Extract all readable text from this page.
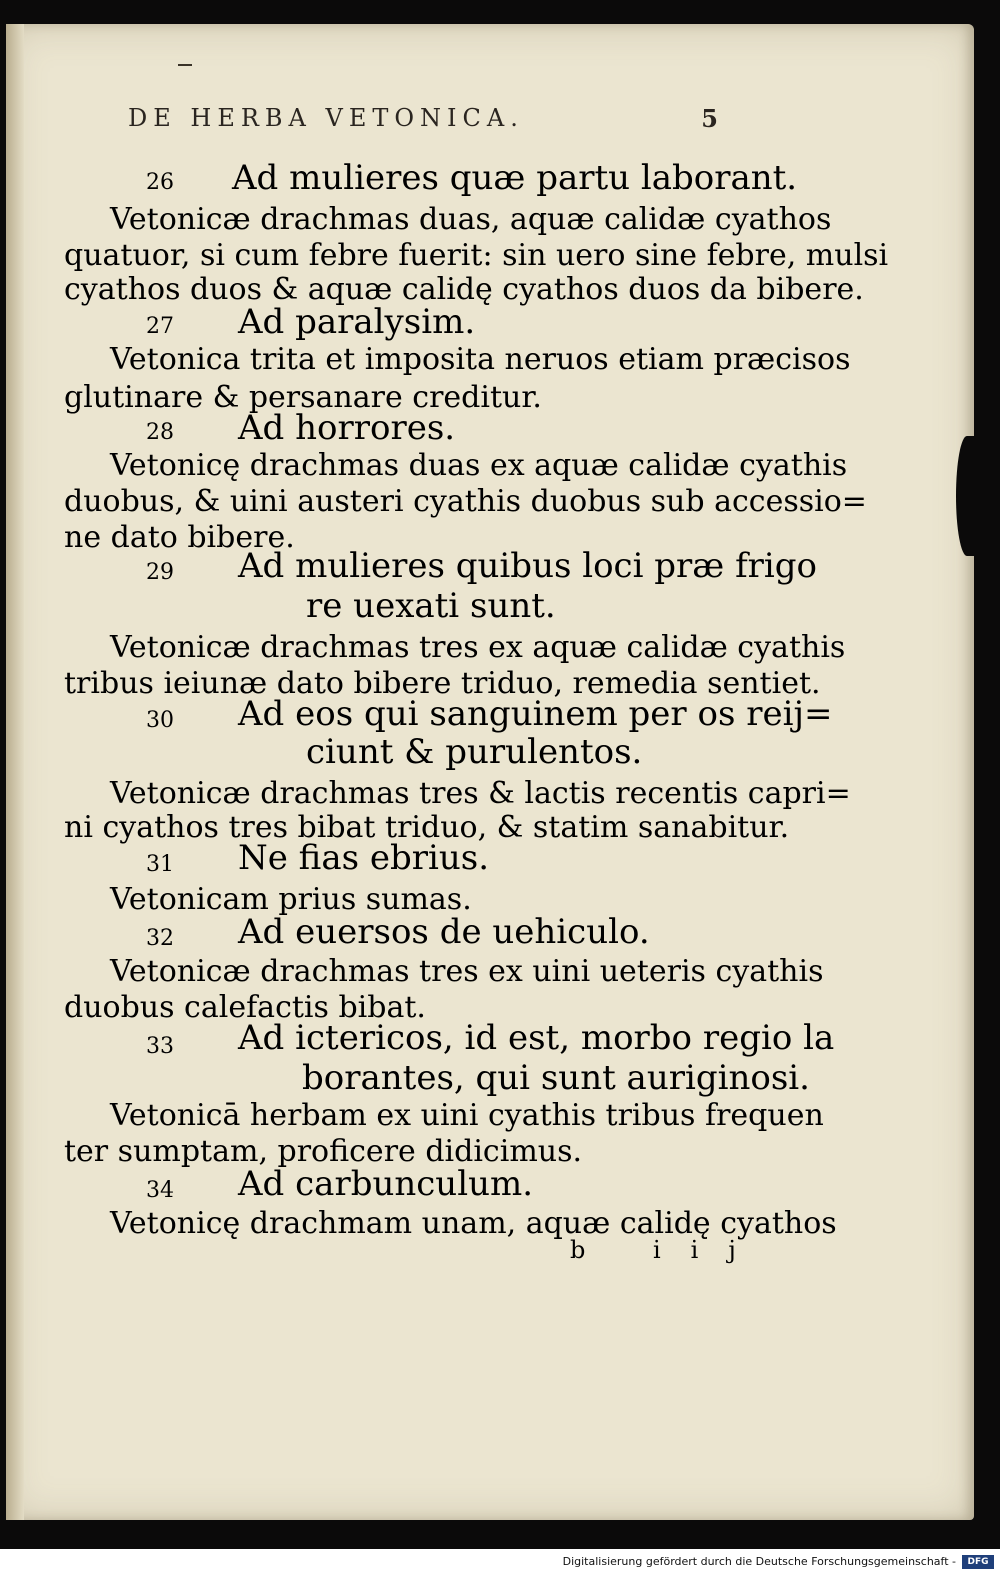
DE HERBA VETONICA.	5
26 Ad mulieres quæ partu laborant.
Vetonicæ drachmas duas, aquæ calidæ cyathos
quatuor, si cum febre fuerit: sin uero sine febre, mulsi
cyathos duos & aquæ calidę cyathos duos da bibere.
27 Ad paralysim.
Vetonica trita et imposita neruos etiam præcisos
glutinare & persanare creditur.
28 Ad horrores.
Vetonicę drachmas duas ex aquæ calidæ cyathis
duobus, & uini austeri cyathis duobus sub accessio=
ne dato bibere.
29 Ad mulieres quibus loci præ frigo
re uexati sunt.
Vetonicæ drachmas tres ex aquæ calidæ cyathis
tribus ieiunæ dato bibere triduo, remedia sentiet.
30 Ad eos qui sanguinem per os reij=
ciunt & purulentos.
Vetonicæ drachmas tres & lactis recentis capri=
ni cyathos tres bibat triduo, & statim sanabitur.
31 Ne fias ebrius.
Vetonicam prius sumas.
32 Ad euersos de uehiculo.
Vetonicæ drachmas tres ex uini ueteris cyathis
duobus calefactis bibat.
33 Ad ictericos, id est, morbo regio la
borantes, qui sunt auriginosi.
Vetonicā herbam ex uini cyathis tribus frequen
ter sumptam, proficere didicimus.
34 Ad carbunculum.
Vetonicę drachmam unam, aquæ calidę cyathos
b iij
Digitalisierung gefördert durch die Deutsche Forschungsgemeinschaft -	DFG
